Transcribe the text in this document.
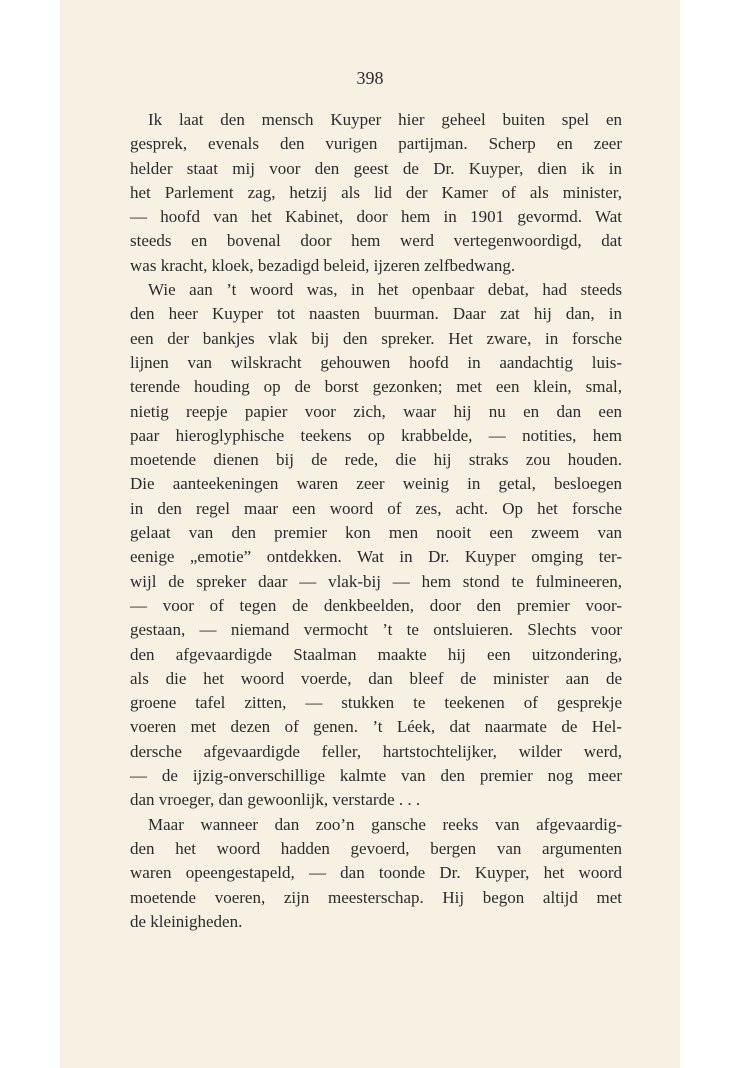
398
Ik laat den mensch Kuyper hier geheel buiten spel en
gesprek, evenals den vurigen partijman. Scherp en zeer
helder staat mij voor den geest de Dr. Kuyper, dien ik in
het Parlement zag, hetzij als lid der Kamer of als minister,
— hoofd van het Kabinet, door hem in 1901 gevormd. Wat
steeds en bovenal door hem werd vertegenwoordigd, dat
was kracht, kloek, bezadigd beleid, ijzeren zelfbedwang.
Wie aan ’t woord was, in het openbaar debat, had steeds
den heer Kuyper tot naasten buurman. Daar zat hij dan, in
een der bankjes vlak bij den spreker. Het zware, in forsche
lijnen van wilskracht gehouwen hoofd in aandachtig luis-
terende houding op de borst gezonken; met een klein, smal,
nietig reepje papier voor zich, waar hij nu en dan een
paar hieroglyphische teekens op krabbelde, — notities, hem
moetende dienen bij de rede, die hij straks zou houden.
Die aanteekeningen waren zeer weinig in getal, besloegen
in den regel maar een woord of zes, acht. Op het forsche
gelaat van den premier kon men nooit een zweem van
eenige „emotie” ontdekken. Wat in Dr. Kuyper omging ter-
wijl de spreker daar — vlak-bij — hem stond te fulmineeren,
— voor of tegen de denkbeelden, door den premier voor-
gestaan, — niemand vermocht ’t te ontsluieren. Slechts voor
den afgevaardigde Staalman maakte hij een uitzondering,
als die het woord voerde, dan bleef de minister aan de
groene tafel zitten, — stukken te teekenen of gesprekje
voeren met dezen of genen. ’t Léek, dat naarmate de Hel-
dersche afgevaardigde feller, hartstochtelijker, wilder werd,
— de ijzig-onverschillige kalmte van den premier nog meer
dan vroeger, dan gewoonlijk, verstarde . . .
Maar wanneer dan zoo’n gansche reeks van afgevaardig-
den het woord hadden gevoerd, bergen van argumenten
waren opeengestapeld, — dan toonde Dr. Kuyper, het woord
moetende voeren, zijn meesterschap. Hij begon altijd met
de kleinigheden.
